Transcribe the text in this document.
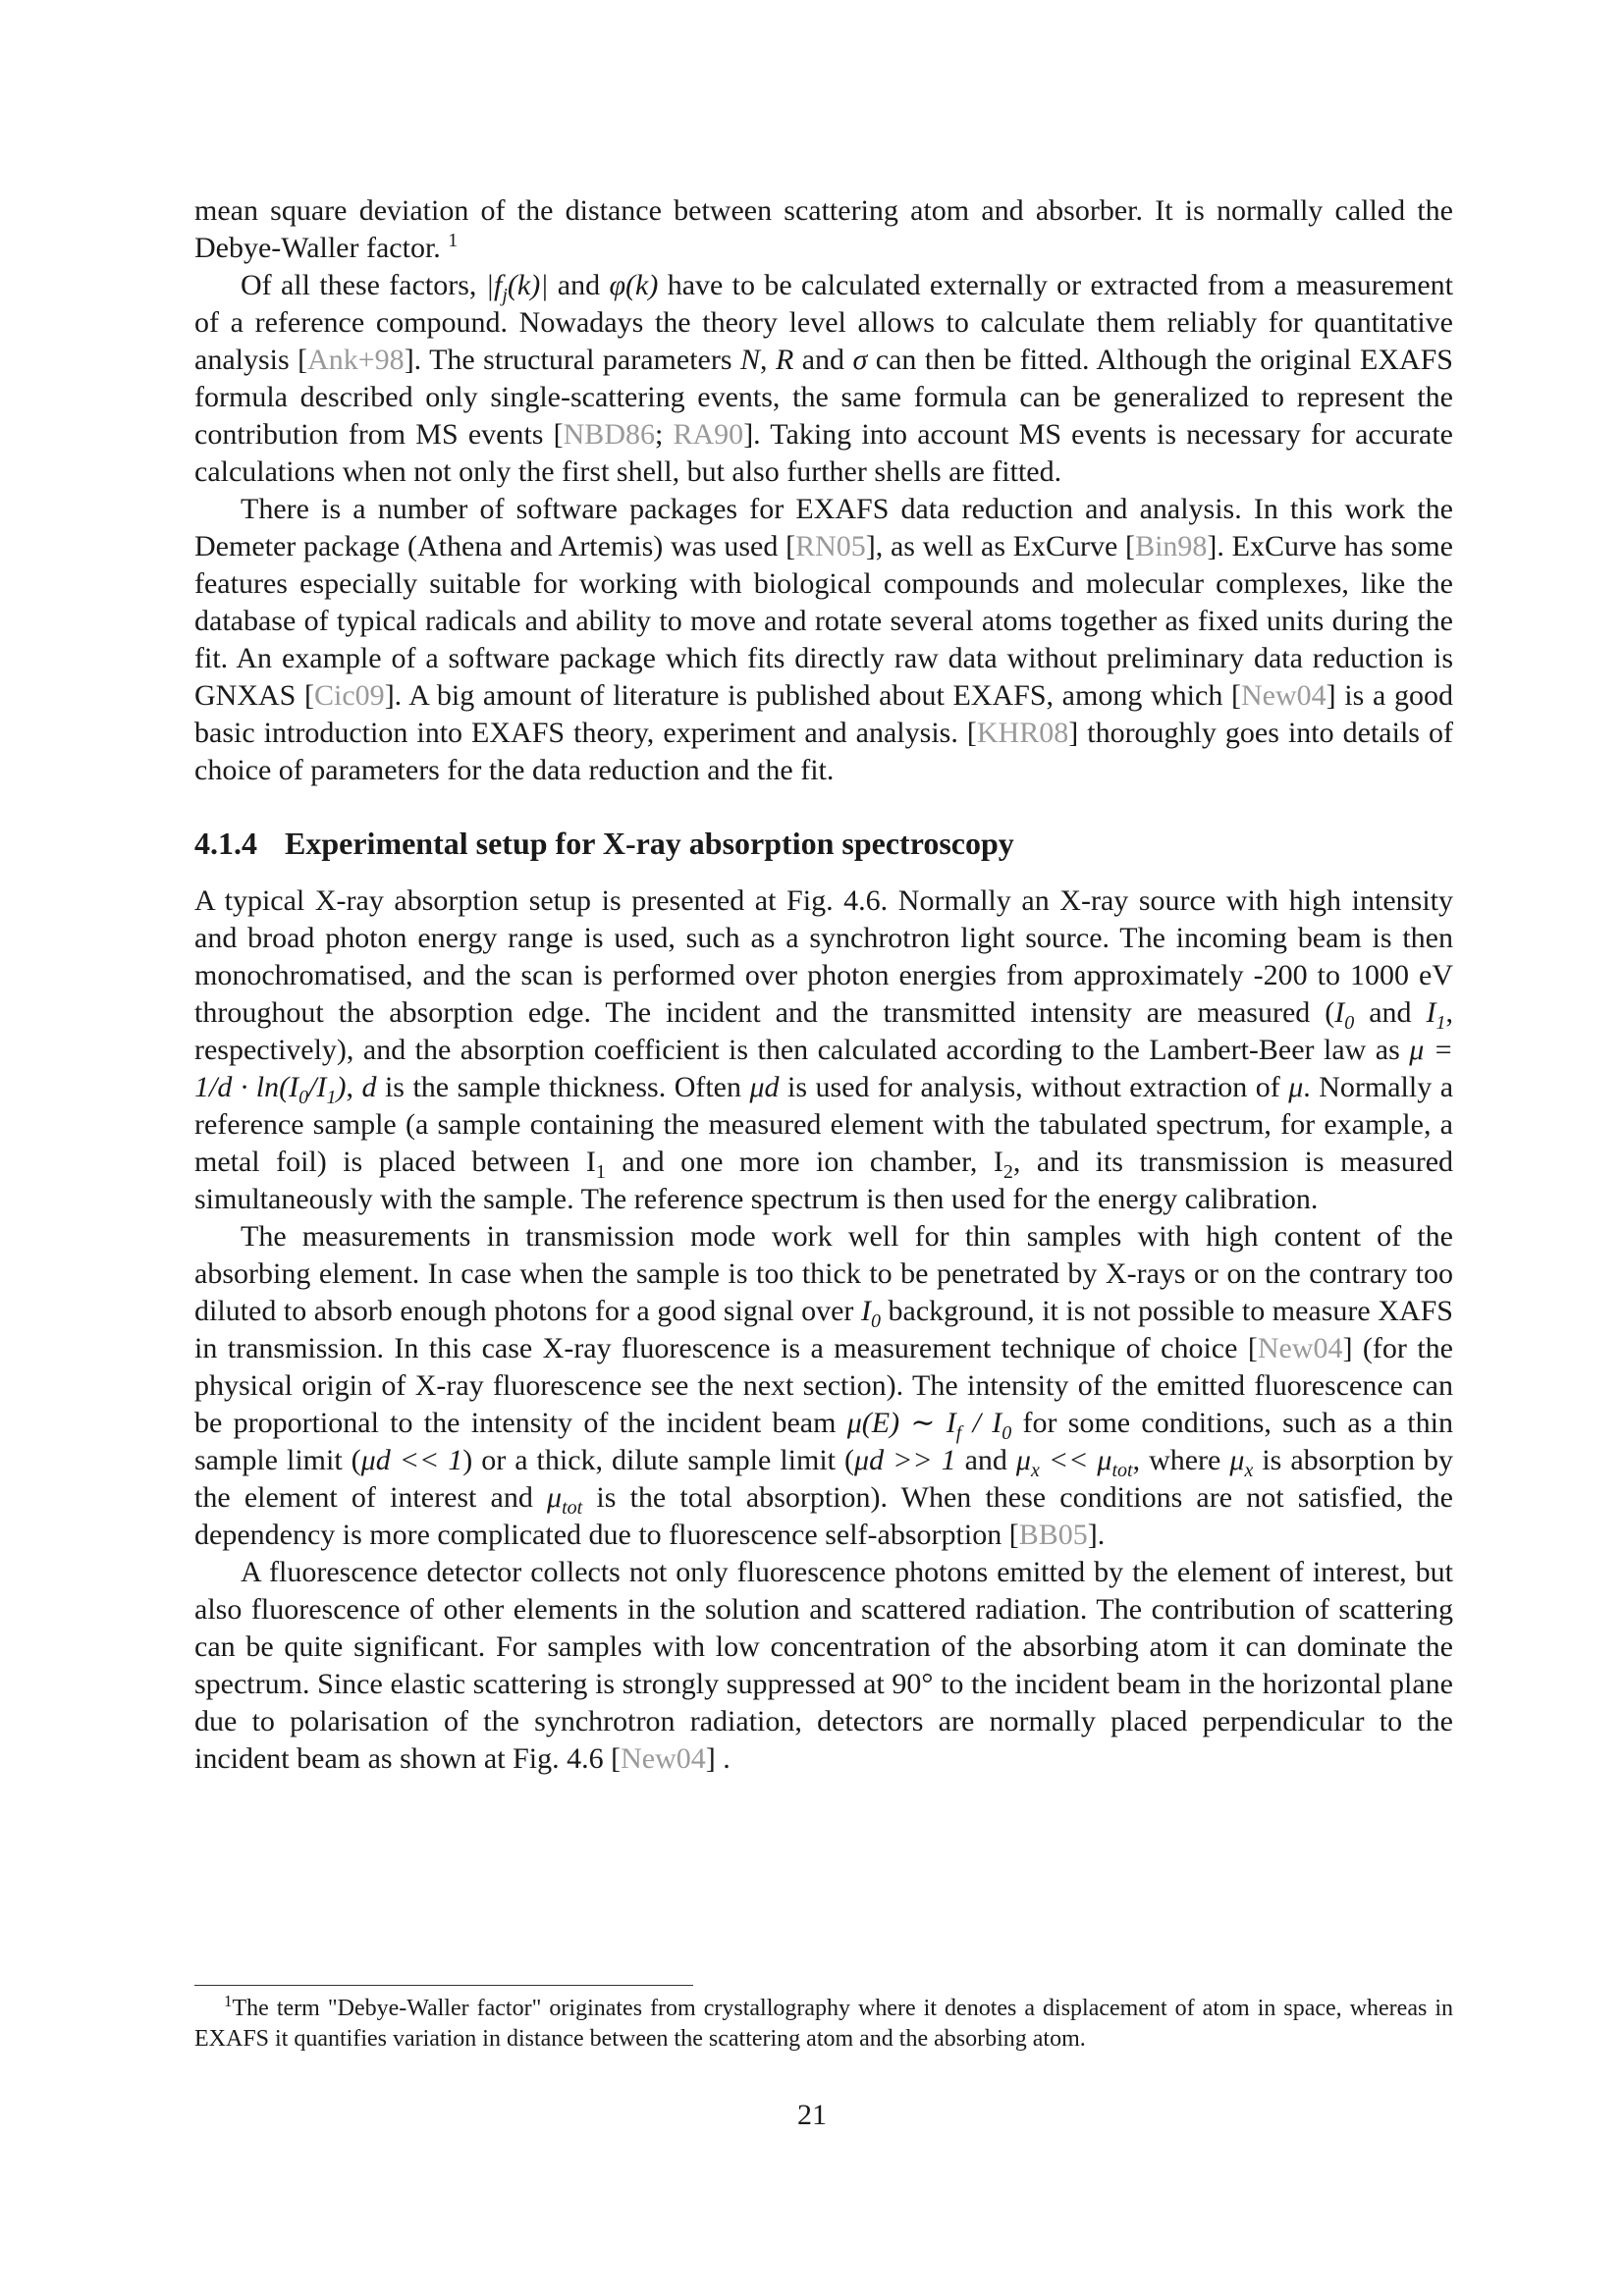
mean square deviation of the distance between scattering atom and absorber. It is normally called the Debye-Waller factor. $^1$

Of all these factors, $|f_j(k)|$ and φ(k) have to be calculated externally or extracted from a measurement of a reference compound. Nowadays the theory level allows to calculate them reliably for quantitative analysis [Ank+98]. The structural parameters N, R and σ can then be fitted. Although the original EXAFS formula described only single-scattering events, the same formula can be generalized to represent the contribution from MS events [NBD86; RA90]. Taking into account MS events is necessary for accurate calculations when not only the first shell, but also further shells are fitted.

There is a number of software packages for EXAFS data reduction and analysis. In this work the Demeter package (Athena and Artemis) was used [RN05], as well as ExCurve [Bin98]. ExCurve has some features especially suitable for working with biological compounds and molecular complexes, like the database of typical radicals and ability to move and rotate several atoms together as fixed units during the fit. An example of a software package which fits directly raw data without preliminary data reduction is GNXAS [Cic09]. A big amount of literature is published about EXAFS, among which [New04] is a good basic introduction into EXAFS theory, experiment and analysis. [KHR08] thoroughly goes into details of choice of parameters for the data reduction and the fit.

4.1.4 Experimental setup for X-ray absorption spectroscopy

A typical X-ray absorption setup is presented at Fig. 4.6. Normally an X-ray source with high intensity and broad photon energy range is used, such as a synchrotron light source. The incoming beam is then monochromatised, and the scan is performed over photon energies from approximately -200 to 1000 eV throughout the absorption edge. The incident and the transmitted intensity are measured ($I_0$ and $I_1$, respectively), and the absorption coefficient is then calculated according to the Lambert-Beer law as $\mu = 1/d \cdot \ln(I_0/I_1)$, d is the sample thickness. Often μd is used for analysis, without extraction of μ. Normally a reference sample (a sample containing the measured element with the tabulated spectrum, for example, a metal foil) is placed between $I_1$ and one more ion chamber, $I_2$, and its transmission is measured simultaneously with the sample. The reference spectrum is then used for the energy calibration.

The measurements in transmission mode work well for thin samples with high content of the absorbing element. In case when the sample is too thick to be penetrated by X-rays or on the contrary too diluted to absorb enough photons for a good signal over $I_0$ background, it is not possible to measure XAFS in transmission. In this case X-ray fluorescence is a measurement technique of choice [New04] (for the physical origin of X-ray fluorescence see the next section). The intensity of the emitted fluorescence can be proportional to the intensity of the incident beam μ(E) ∼ $I_f / I_0$ for some conditions, such as a thin sample limit (μd << 1) or a thick, dilute sample limit (μd >> 1 and $\mu_x << \mu_{tot}$, where $\mu_x$ is absorption by the element of interest and $\mu_{tot}$ is the total absorption). When these conditions are not satisfied, the dependency is more complicated due to fluorescence self-absorption [BB05].

A fluorescence detector collects not only fluorescence photons emitted by the element of interest, but also fluorescence of other elements in the solution and scattered radiation. The contribution of scattering can be quite significant. For samples with low concentration of the absorbing atom it can dominate the spectrum. Since elastic scattering is strongly suppressed at 90° to the incident beam in the horizontal plane due to polarisation of the synchrotron radiation, detectors are normally placed perpendicular to the incident beam as shown at Fig. 4.6 [New04] .

$^1$The term "Debye-Waller factor" originates from crystallography where it denotes a displacement of atom in space, whereas in EXAFS it quantifies variation in distance between the scattering atom and the absorbing atom.
21
